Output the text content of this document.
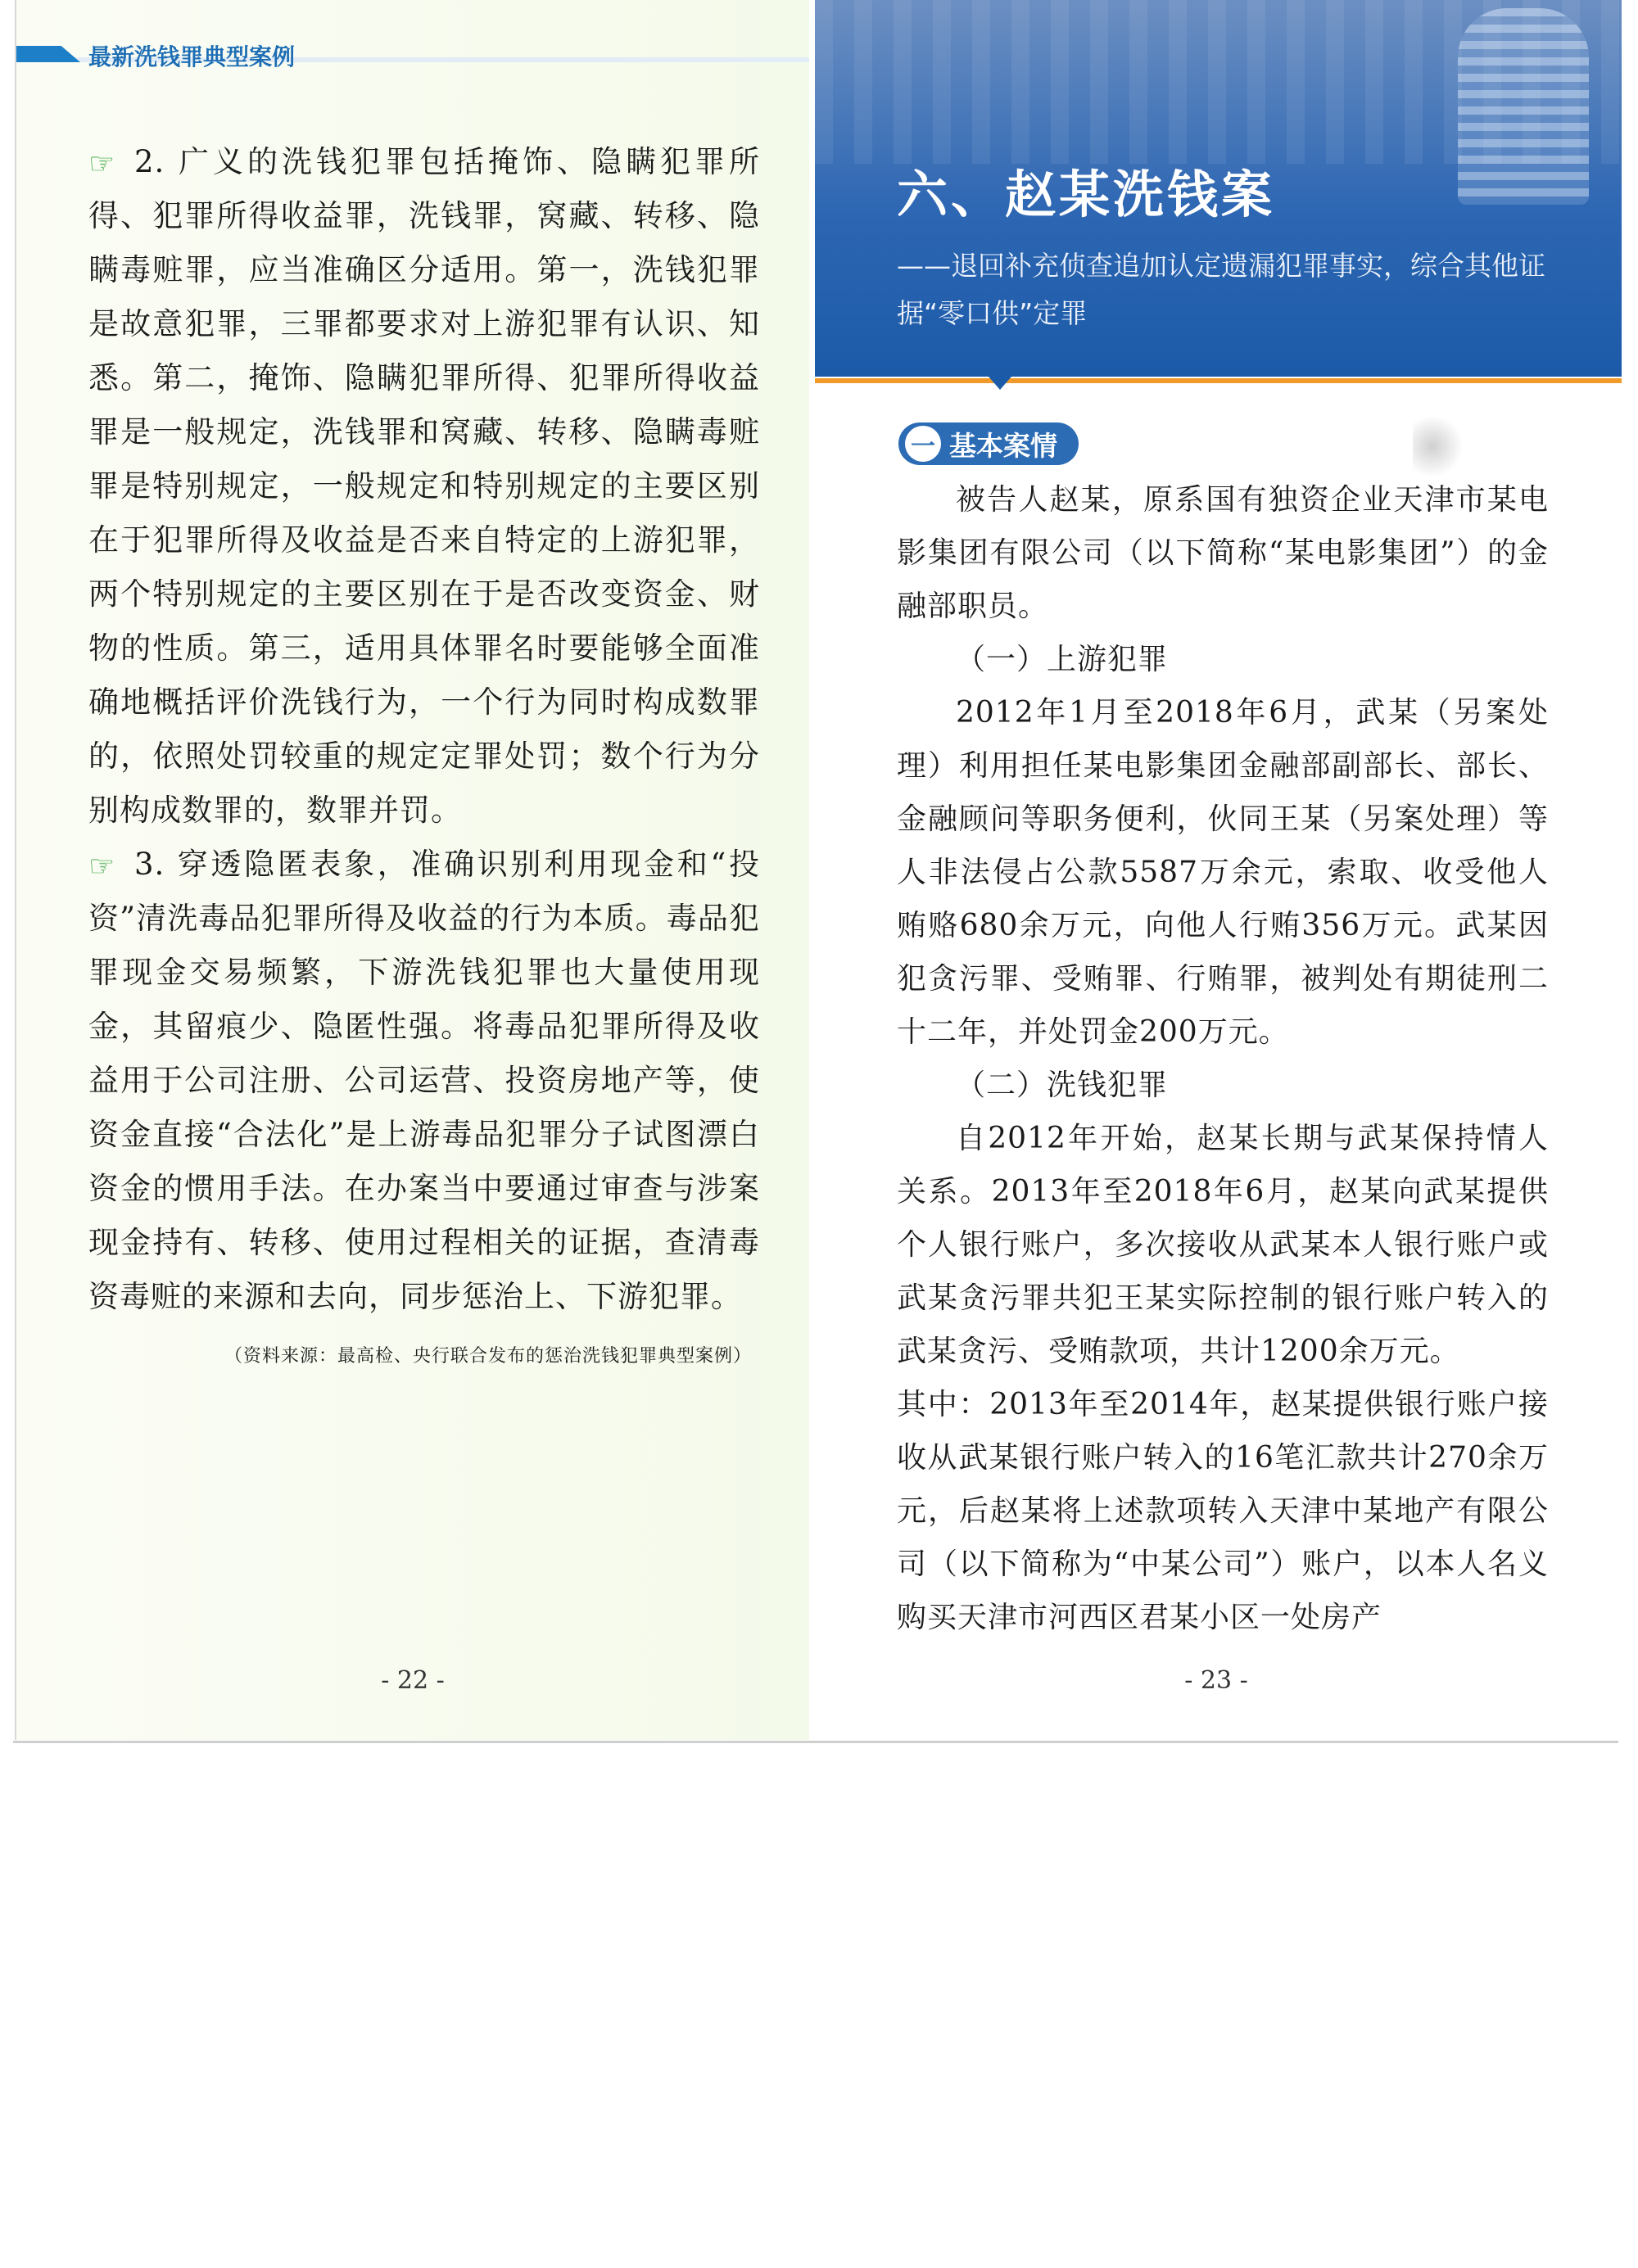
最新洗钱罪典型案例

☞ 2. 广义的洗钱犯罪包括掩饰、隐瞒犯罪所得、犯罪所得收益罪，洗钱罪，窝藏、转移、隐瞒毒赃罪，应当准确区分适用。第一，洗钱犯罪是故意犯罪，三罪都要求对上游犯罪有认识、知悉。第二，掩饰、隐瞒犯罪所得、犯罪所得收益罪是一般规定，洗钱罪和窝藏、转移、隐瞒毒赃罪是特别规定，一般规定和特别规定的主要区别在于犯罪所得及收益是否来自特定的上游犯罪，两个特别规定的主要区别在于是否改变资金、财物的性质。第三，适用具体罪名时要能够全面准确地概括评价洗钱行为，一个行为同时构成数罪的，依照处罚较重的规定定罪处罚；数个行为分别构成数罪的，数罪并罚。

☞ 3. 穿透隐匿表象，准确识别利用现金和“投资”清洗毒品犯罪所得及收益的行为本质。毒品犯罪现金交易频繁，下游洗钱犯罪也大量使用现金，其留痕少、隐匿性强。将毒品犯罪所得及收益用于公司注册、公司运营、投资房地产等，使资金直接“合法化”是上游毒品犯罪分子试图漂白资金的惯用手法。在办案当中要通过审查与涉案现金持有、转移、使用过程相关的证据，查清毒资毒赃的来源和去向，同步惩治上、下游犯罪。

（资料来源：最高检、央行联合发布的惩治洗钱犯罪典型案例）
- 22 -
六、赵某洗钱案
——退回补充侦查追加认定遗漏犯罪事实，综合其他证据“零口供”定罪
一 基本案情

被告人赵某，原系国有独资企业天津市某电影集团有限公司（以下简称“某电影集团”）的金融部职员。

（一）上游犯罪

2012年1月至2018年6月，武某（另案处理）利用担任某电影集团金融部副部长、部长、金融顾问等职务便利，伙同王某（另案处理）等人非法侵占公款5587万余元，索取、收受他人贿赂680余万元，向他人行贿356万元。武某因犯贪污罪、受贿罪、行贿罪，被判处有期徒刑二十二年，并处罚金200万元。

（二）洗钱犯罪

自2012年开始，赵某长期与武某保持情人关系。2013年至2018年6月，赵某向武某提供个人银行账户，多次接收从武某本人银行账户或武某贪污罪共犯王某实际控制的银行账户转入的武某贪污、受贿款项，共计1200余万元。

其中：2013年至2014年，赵某提供银行账户接收从武某银行账户转入的16笔汇款共计270余万元，后赵某将上述款项转入天津中某地产有限公司（以下简称为“中某公司”）账户，以本人名义购买天津市河西区君某小区一处房产

- 23 -
